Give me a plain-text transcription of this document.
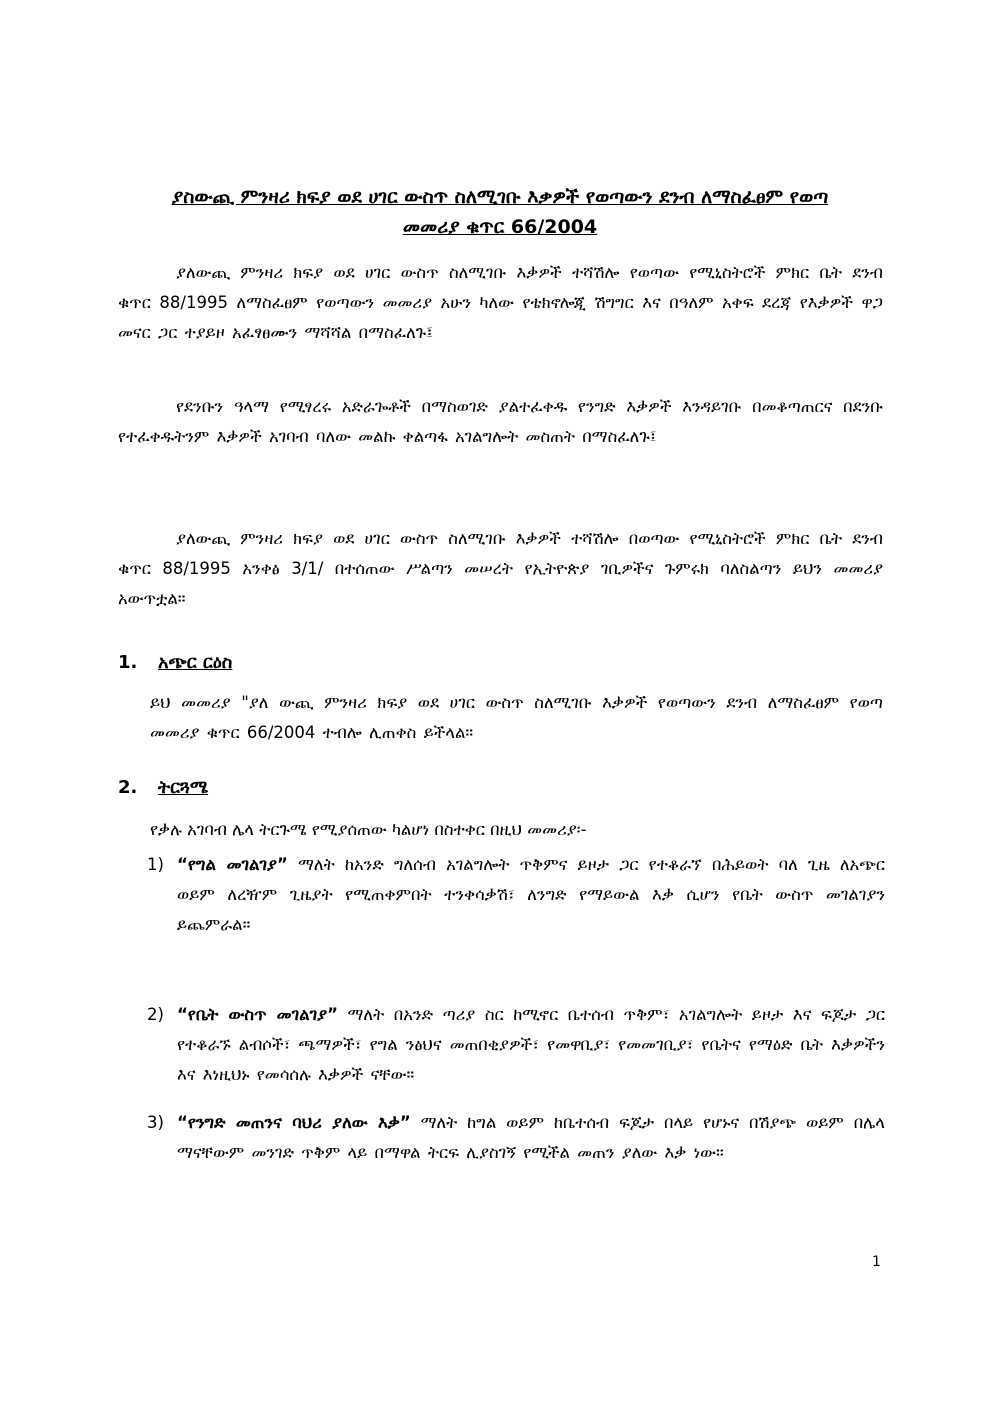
ያስውጪ ምንዛሪ ክፍያ ወደ ሀገር ውስጥ ስለሚገቡ እቃዎች የወጣውን ደንብ ለማስፈፀም የወጣ
መመሪያ ቁጥር 66/2004
ያለውጪ ምንዛሪ ክፍያ ወደ ሀገር ውስጥ ስለሚገቡ እቃዎች ተሻሽሎ የወጣው የሚኒስትሮች ምክር ቤት ደንብ ቁጥር 88/1995 ለማስፈፀም የወጣውን መመሪያ አሁን ካለው የቴክኖሎጂ ሽግግር እና በዓለም አቀፍ ደረጃ የእቃዎች ዋጋ መናር ጋር ተያይዞ አፈፃፀሙን ማሻሻል በማስፈለጉ፤
የደንቡን ዓላማ የሚፃረሩ አድራጐቶች በማስወገድ ያልተፈቀዱ የንግድ እቃዎች እንዳይገቡ በመቆጣጠርና በደንቡ የተፈቀዱትንም እቃዎች አገባብ ባለው መልኩ ቀልጣፋ አገልግሎት መስጠት በማስፈለጉ፤
ያለውጪ ምንዛሪ ክፍያ ወደ ሀገር ውስጥ ስለሚገቡ እቃዎች ተሻሽሎ በወጣው የሚኒስትሮች ምክር ቤት ደንብ ቁጥር 88/1995 አንቀፅ 3/1/ በተሰጠው ሥልጣን መሠረት የኢትዮጵያ ገቢዎችና ጉምሩክ ባለስልጣን ይህን መመሪያ አውጥቷል።
1. አጭር ርዕስ
ይህ መመሪያ "ያለ ውጪ ምንዛሪ ክፍያ ወደ ሀገር ውስጥ ስለሚገቡ እቃዎች የወጣውን ደንብ ለማስፈፀም የወጣ መመሪያ ቁጥር 66/2004 ተብሎ ሊጠቀስ ይችላል።
2. ትርጓሜ
የቃሉ አገባብ ሌላ ትርጉሜ የሚያሰጠው ካልሆነ በስተቀር በዚህ መመሪያ፡-
1) “የግል መገልገያ” ማለት ከአንድ ግለሰብ አገልግሎት ጥቅምና ይዞታ ጋር የተቆራኘ በሕይወት ባለ ጊዜ ለአጭር ወይም ለረዥም ጊዜያት የሚጠቀምበት ተንቀሳቃሽ፣ ለንግድ የማይውል እቃ ሲሆን የቤት ውስጥ መገልገያን ይጨምራል።
2) “የቤት ውስጥ መገልገያ” ማለት በአንድ ጣሪያ ስር ከሚኖር ቤተሰብ ጥቅም፣ አገልግሎት ይዞታ እና ፍጆታ ጋር የተቆራኙ ልብሶች፣ ጫማዎች፣ የግል ንፅህና መጠበቂያዎች፣ የመዋቢያ፣ የመመገቢያ፣ የቤትና የማዕድ ቤት እቃዎችን እና እነዚህኑ የመሳሰሉ እቃዎች ናቸው።
3) “የንግድ መጠንና ባህሪ ያለው እቃ” ማለት ከግል ወይም ከቤተሰብ ፍጆታ በላይ የሆኑና በሽያጭ ወይም በሌላ ማናቸውም መንገድ ጥቅም ላይ በማዋል ትርፍ ሊያስገኝ የሚችል መጠን ያለው እቃ ነው።
1
